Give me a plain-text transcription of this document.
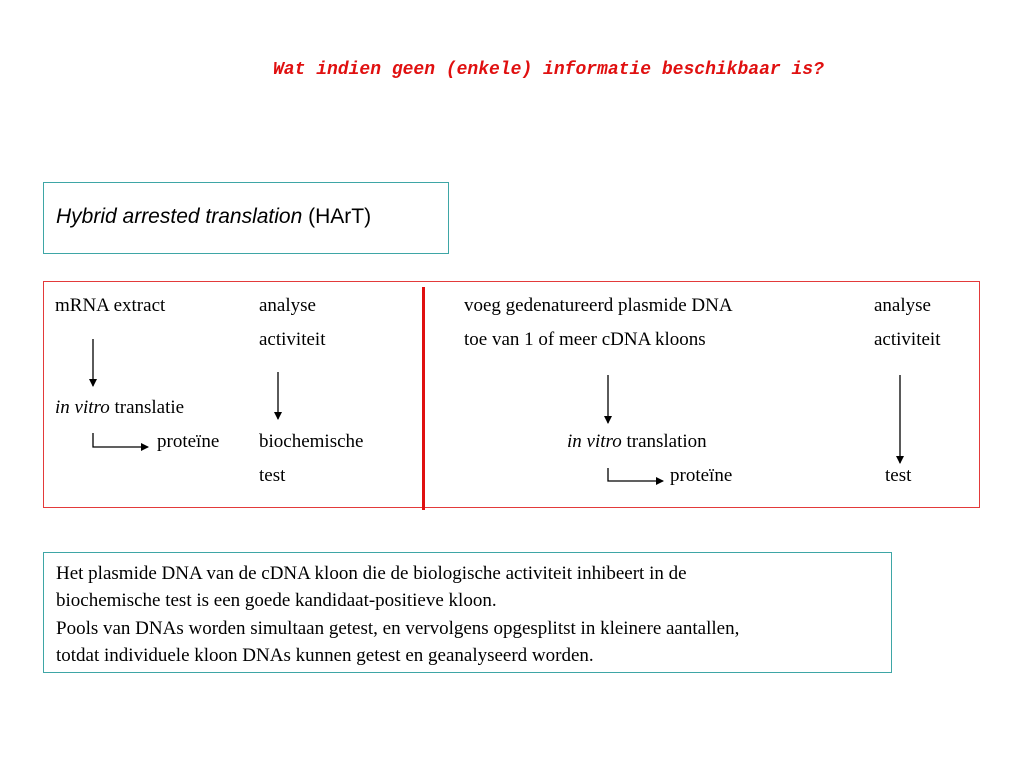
Wat indien geen (enkele) informatie beschikbaar is?
Hybrid arrested translation (HArT)
mRNA extract	analyse
activiteit
in vitro translatie
proteïne biochemische
test
voeg gedenatureerd plasmide DNA
toe van 1 of meer cDNA kloons
analyse
activiteit
in vitro translation
proteïne	test
Het plasmide DNA van de cDNA kloon die de biologische activiteit inhibeert in de
biochemische test is een goede kandidaat-positieve kloon.
Pools van DNAs worden simultaan getest, en vervolgens opgesplitst in kleinere aantallen,
totdat individuele kloon DNAs kunnen getest en geanalyseerd worden.
